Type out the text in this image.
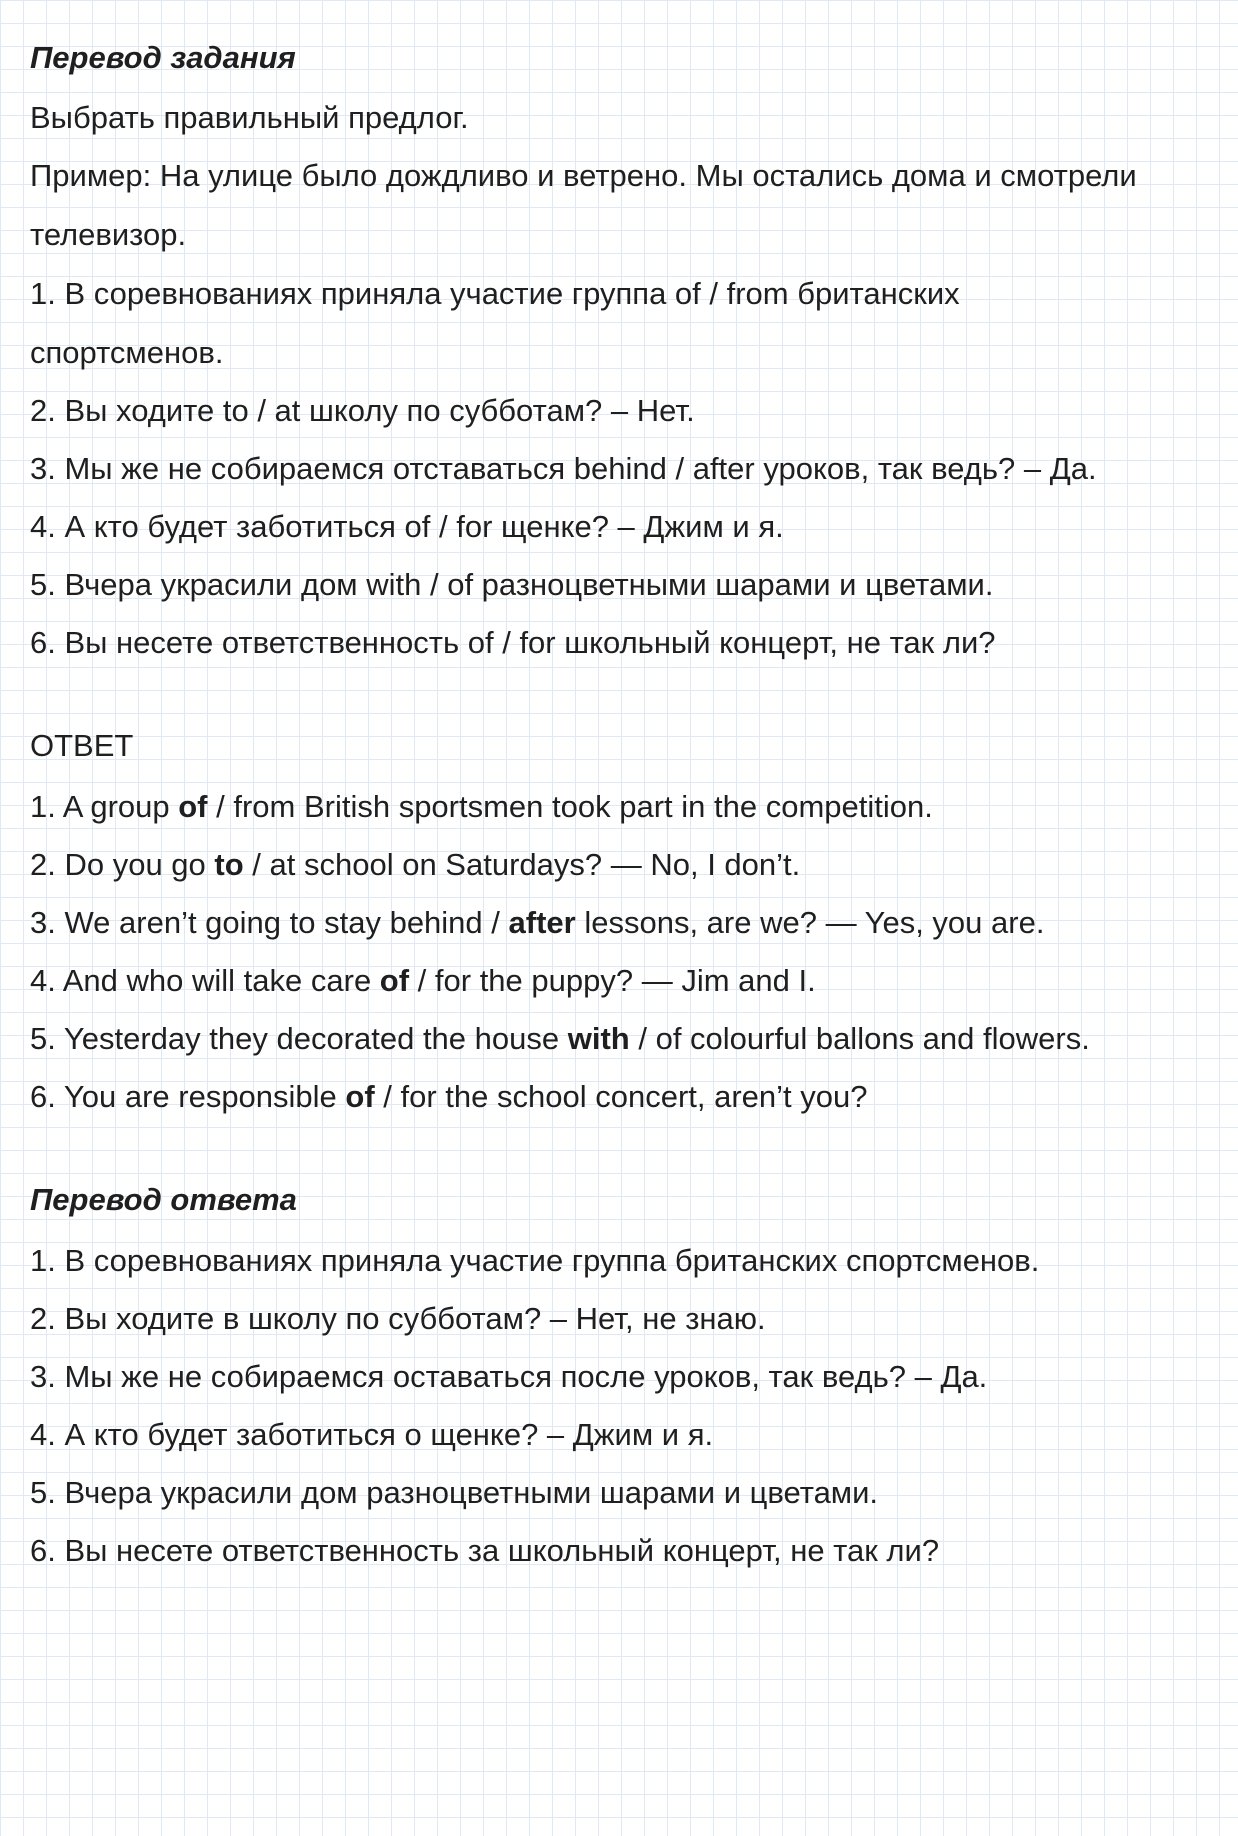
Перевод задания
Выбрать правильный предлог.
Пример: На улице было дождливо и ветрено. Мы остались дома и смотрели телевизор.
1. В соревнованиях приняла участие группа of / from британских спортсменов.
2. Вы ходите to / at школу по субботам? – Нет.
3. Мы же не собираемся отставаться behind / after уроков, так ведь? – Да.
4. А кто будет заботиться of / for щенке? – Джим и я.
5. Вчера украсили дом with / of разноцветными шарами и цветами.
6. Вы несете ответственность of / for школьный концерт, не так ли?
ОТВЕТ
1. A group of / from British sportsmen took part in the competition.
2. Do you go to / at school on Saturdays? — No, I don’t.
3. We aren’t going to stay behind / after lessons, are we? — Yes, you are.
4. And who will take care of / for the puppy? — Jim and I.
5. Yesterday they decorated the house with / of colourful ballons and flowers.
6. You are responsible of / for the school concert, aren’t you?
Перевод ответа
1. В соревнованиях приняла участие группа британских спортсменов.
2. Вы ходите в школу по субботам? – Нет, не знаю.
3. Мы же не собираемся оставаться после уроков, так ведь? – Да.
4. А кто будет заботиться о щенке? – Джим и я.
5. Вчера украсили дом разноцветными шарами и цветами.
6. Вы несете ответственность за школьный концерт, не так ли?
